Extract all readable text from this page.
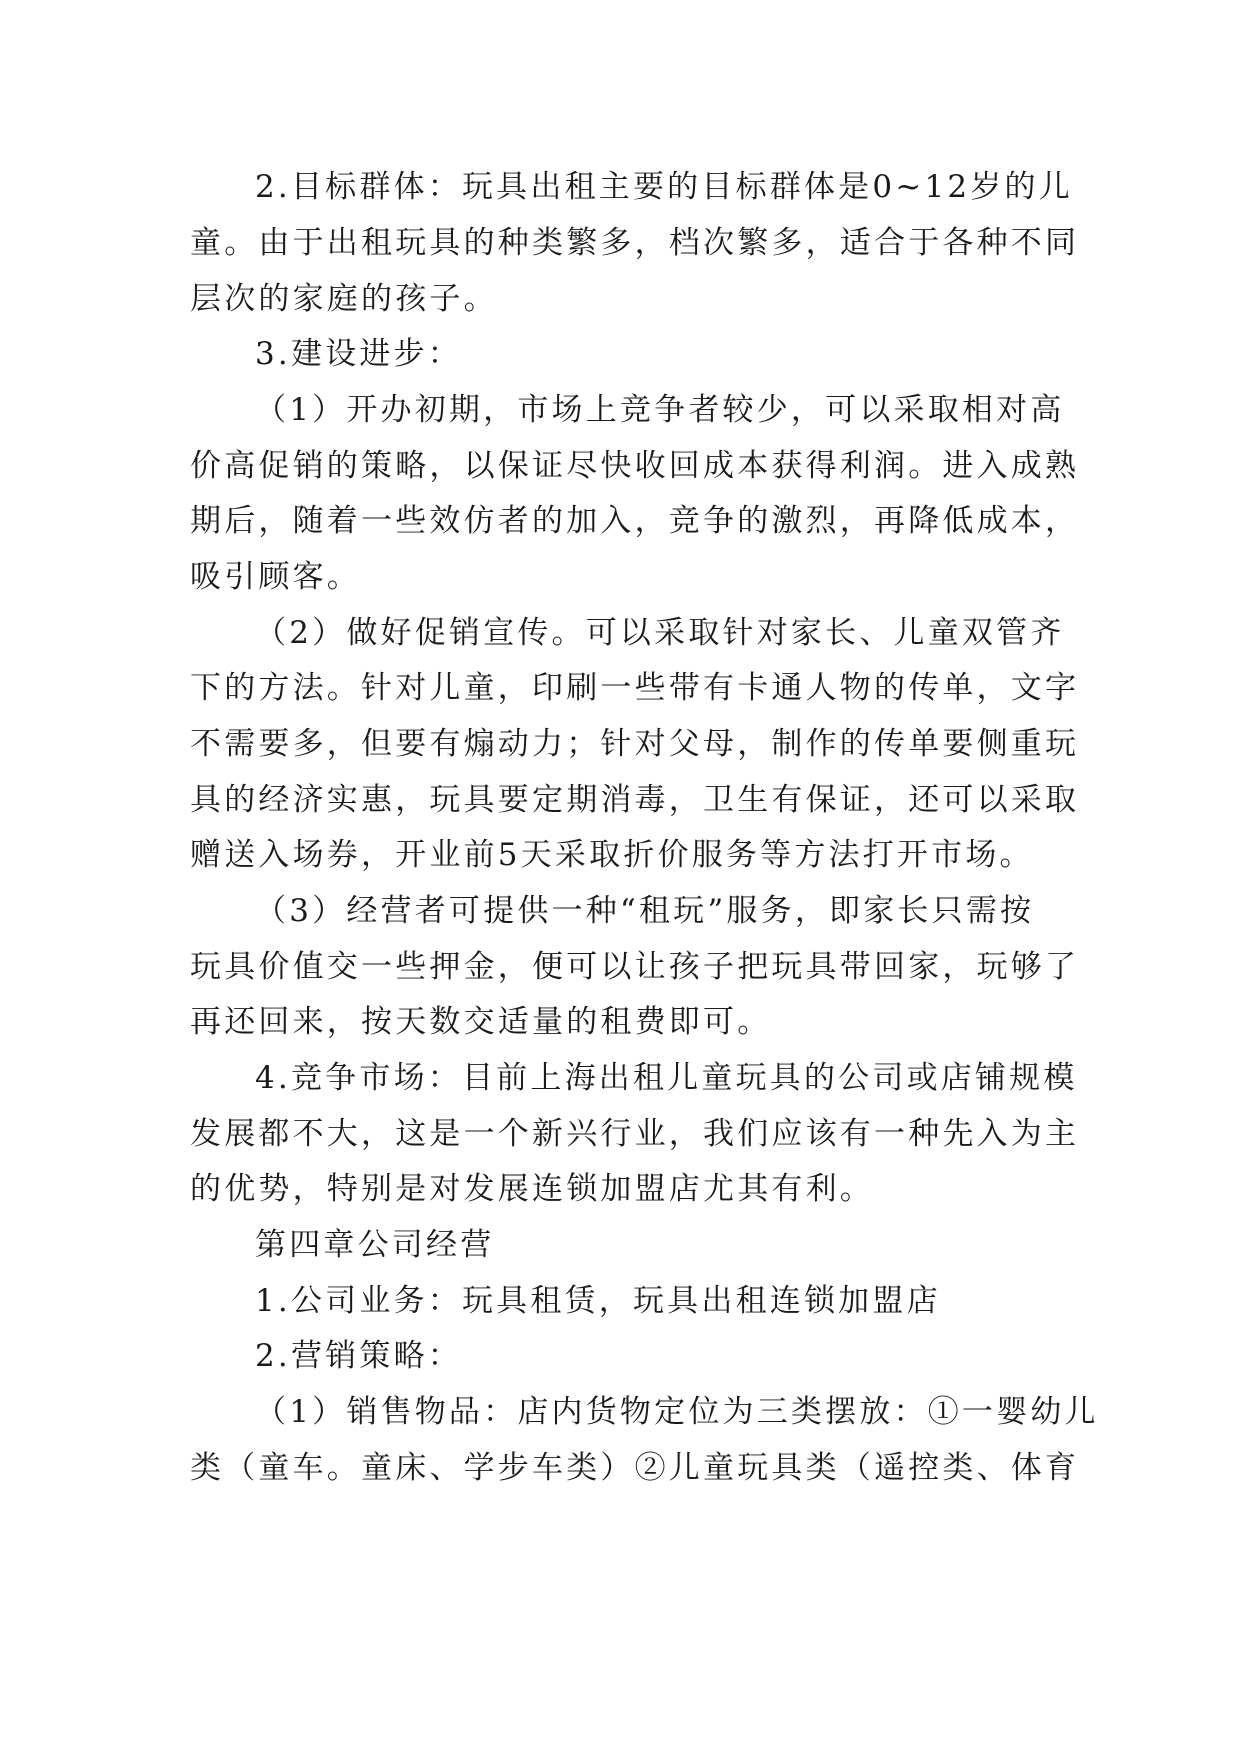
2.目标群体：玩具出租主要的目标群体是0~12岁的儿
童。由于出租玩具的种类繁多，档次繁多，适合于各种不同
层次的家庭的孩子。
3.建设进步：
（1）开办初期，市场上竞争者较少，可以采取相对高
价高促销的策略，以保证尽快收回成本获得利润。进入成熟
期后，随着一些效仿者的加入，竞争的激烈，再降低成本，
吸引顾客。
（2）做好促销宣传。可以采取针对家长、儿童双管齐
下的方法。针对儿童，印刷一些带有卡通人物的传单，文字
不需要多，但要有煽动力；针对父母，制作的传单要侧重玩
具的经济实惠，玩具要定期消毒，卫生有保证，还可以采取
赠送入场券，开业前5天采取折价服务等方法打开市场。
（3）经营者可提供一种“租玩”服务，即家长只需按
玩具价值交一些押金，便可以让孩子把玩具带回家，玩够了
再还回来，按天数交适量的租费即可。
4.竞争市场：目前上海出租儿童玩具的公司或店铺规模
发展都不大，这是一个新兴行业，我们应该有一种先入为主
的优势，特别是对发展连锁加盟店尤其有利。
第四章公司经营
1.公司业务：玩具租赁，玩具出租连锁加盟店
2.营销策略：
（1）销售物品：店内货物定位为三类摆放：①一婴幼儿
类（童车。童床、学步车类）②儿童玩具类（遥控类、体育
